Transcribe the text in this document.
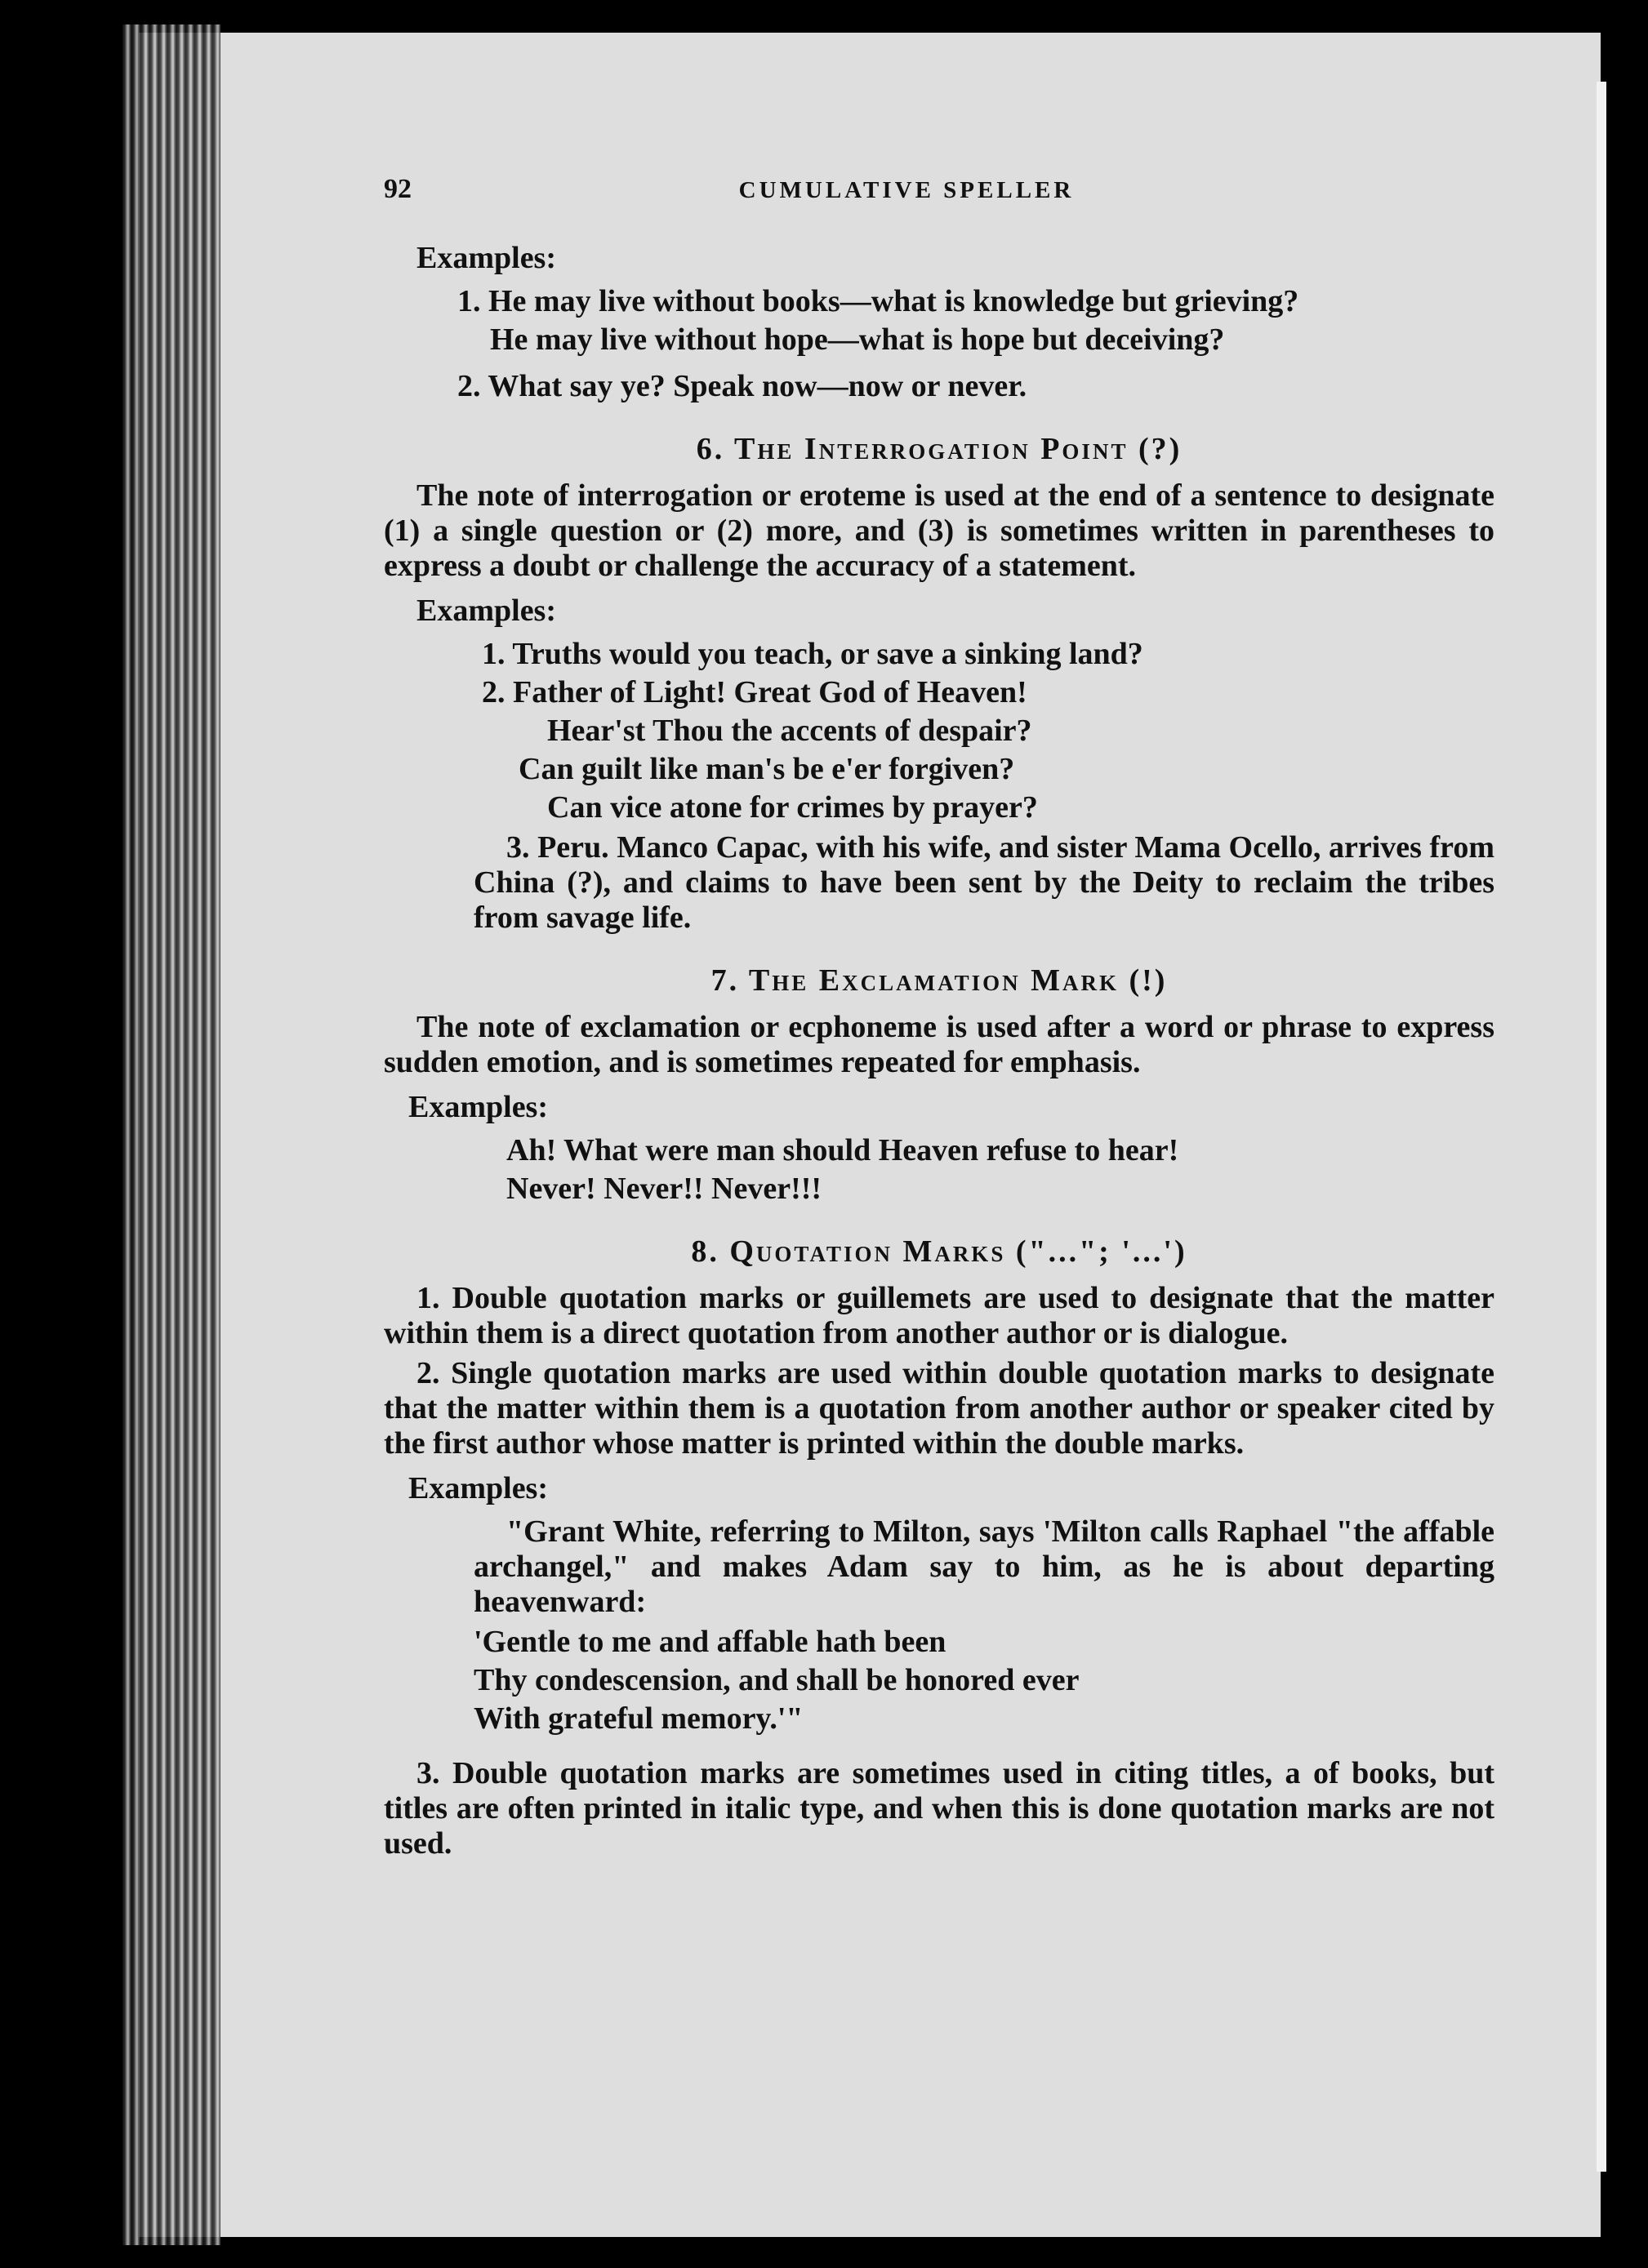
92	CUMULATIVE SPELLER
Examples:
1. He may live without books—what is knowledge but grieving?
He may live without hope—what is hope but deceiving?
2. What say ye? Speak now—now or never.
6. The Interrogation Point (?)

The note of interrogation or eroteme is used at the end of a sentence to designate (1) a single question or (2) more, and (3) is sometimes written in parentheses to express a doubt or challenge the accuracy of a statement.

Examples:
1. Truths would you teach, or save a sinking land?
2. Father of Light! Great God of Heaven!
Hear'st Thou the accents of despair?
Can guilt like man's be e'er forgiven?
Can vice atone for crimes by prayer?

3. Peru. Manco Capac, with his wife, and sister Mama Ocello, arrives from China (?), and claims to have been sent by the Deity to reclaim the tribes from savage life.

7. The Exclamation Mark (!)

The note of exclamation or ecphoneme is used after a word or phrase to express sudden emotion, and is sometimes repeated for emphasis.

Examples:
Ah! What were man should Heaven refuse to hear!
Never! Never!! Never!!!
8. Quotation Marks ("..."; '...')

1. Double quotation marks or guillemets are used to designate that the matter within them is a direct quotation from another author or is dialogue.

2. Single quotation marks are used within double quotation marks to designate that the matter within them is a quotation from another author or speaker cited by the first author whose matter is printed within the double marks.

Examples:

"Grant White, referring to Milton, says 'Milton calls Raphael "the affable archangel," and makes Adam say to him, as he is about departing heavenward:

'Gentle to me and affable hath been
Thy condescension, and shall be honored ever
With grateful memory.'"

3. Double quotation marks are sometimes used in citing titles, a of books, but titles are often printed in italic type, and when this is done quotation marks are not used.
